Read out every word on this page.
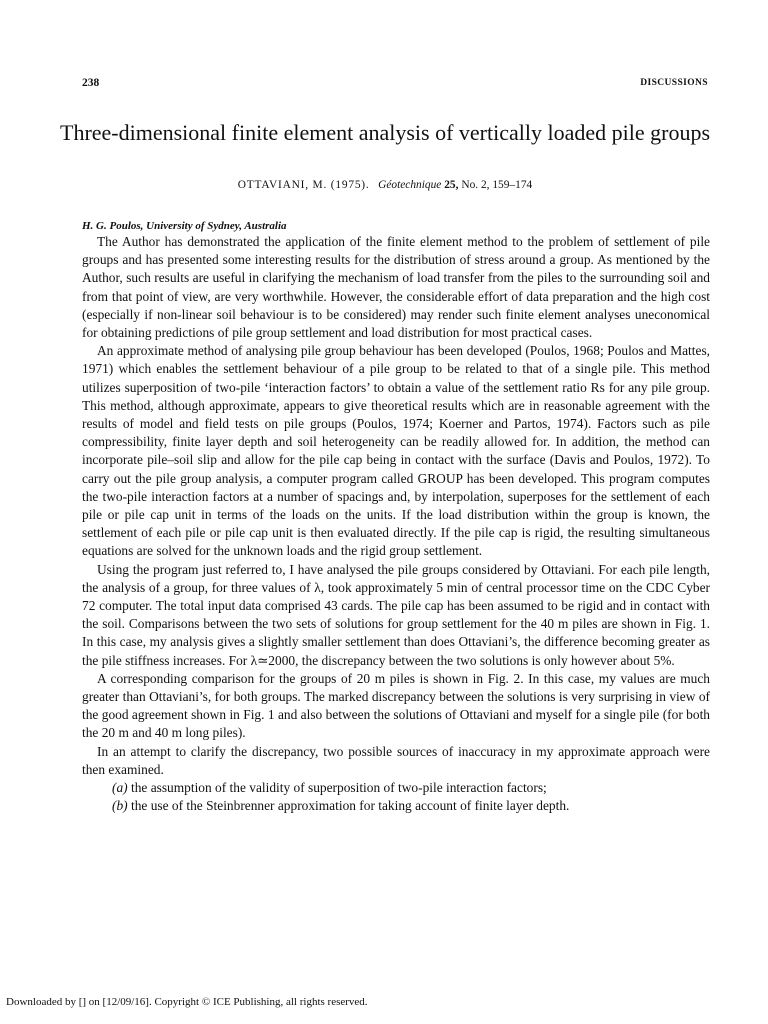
238	DISCUSSIONS
Three-dimensional finite element analysis of vertically loaded pile groups
OTTAVIANI, M. (1975). Géotechnique 25, No. 2, 159–174
H. G. Poulos, University of Sydney, Australia

The Author has demonstrated the application of the finite element method to the problem of settlement of pile groups and has presented some interesting results for the distribution of stress around a group. As mentioned by the Author, such results are useful in clarifying the mechanism of load transfer from the piles to the surrounding soil and from that point of view, are very worthwhile. However, the considerable effort of data preparation and the high cost (especially if non-linear soil behaviour is to be considered) may render such finite element analyses uneconomical for obtaining predictions of pile group settlement and load distribution for most practical cases.

An approximate method of analysing pile group behaviour has been developed (Poulos, 1968; Poulos and Mattes, 1971) which enables the settlement behaviour of a pile group to be related to that of a single pile. This method utilizes superposition of two-pile ‘interaction factors’ to obtain a value of the settlement ratio Rs for any pile group. This method, although approximate, appears to give theoretical results which are in reasonable agreement with the results of model and field tests on pile groups (Poulos, 1974; Koerner and Partos, 1974). Factors such as pile compressibility, finite layer depth and soil heterogeneity can be readily allowed for. In addition, the method can incorporate pile–soil slip and allow for the pile cap being in contact with the surface (Davis and Poulos, 1972). To carry out the pile group analysis, a computer program called GROUP has been developed. This program computes the two-pile interaction factors at a number of spacings and, by interpolation, superposes for the settlement of each pile or pile cap unit in terms of the loads on the units. If the load distribution within the group is known, the settlement of each pile or pile cap unit is then evaluated directly. If the pile cap is rigid, the resulting simultaneous equations are solved for the unknown loads and the rigid group settlement.

Using the program just referred to, I have analysed the pile groups considered by Ottaviani. For each pile length, the analysis of a group, for three values of λ, took approximately 5 min of central processor time on the CDC Cyber 72 computer. The total input data comprised 43 cards. The pile cap has been assumed to be rigid and in contact with the soil. Comparisons between the two sets of solutions for group settlement for the 40 m piles are shown in Fig. 1. In this case, my analysis gives a slightly smaller settlement than does Ottaviani’s, the difference becoming greater as the pile stiffness increases. For λ≃2000, the discrepancy between the two solutions is only however about 5%.

A corresponding comparison for the groups of 20 m piles is shown in Fig. 2. In this case, my values are much greater than Ottaviani’s, for both groups. The marked discrepancy between the solutions is very surprising in view of the good agreement shown in Fig. 1 and also between the solutions of Ottaviani and myself for a single pile (for both the 20 m and 40 m long piles).

In an attempt to clarify the discrepancy, two possible sources of inaccuracy in my approximate approach were then examined.

(a) the assumption of the validity of superposition of two-pile interaction factors;
(b) the use of the Steinbrenner approximation for taking account of finite layer depth.
Downloaded by [] on [12/09/16]. Copyright © ICE Publishing, all rights reserved.
